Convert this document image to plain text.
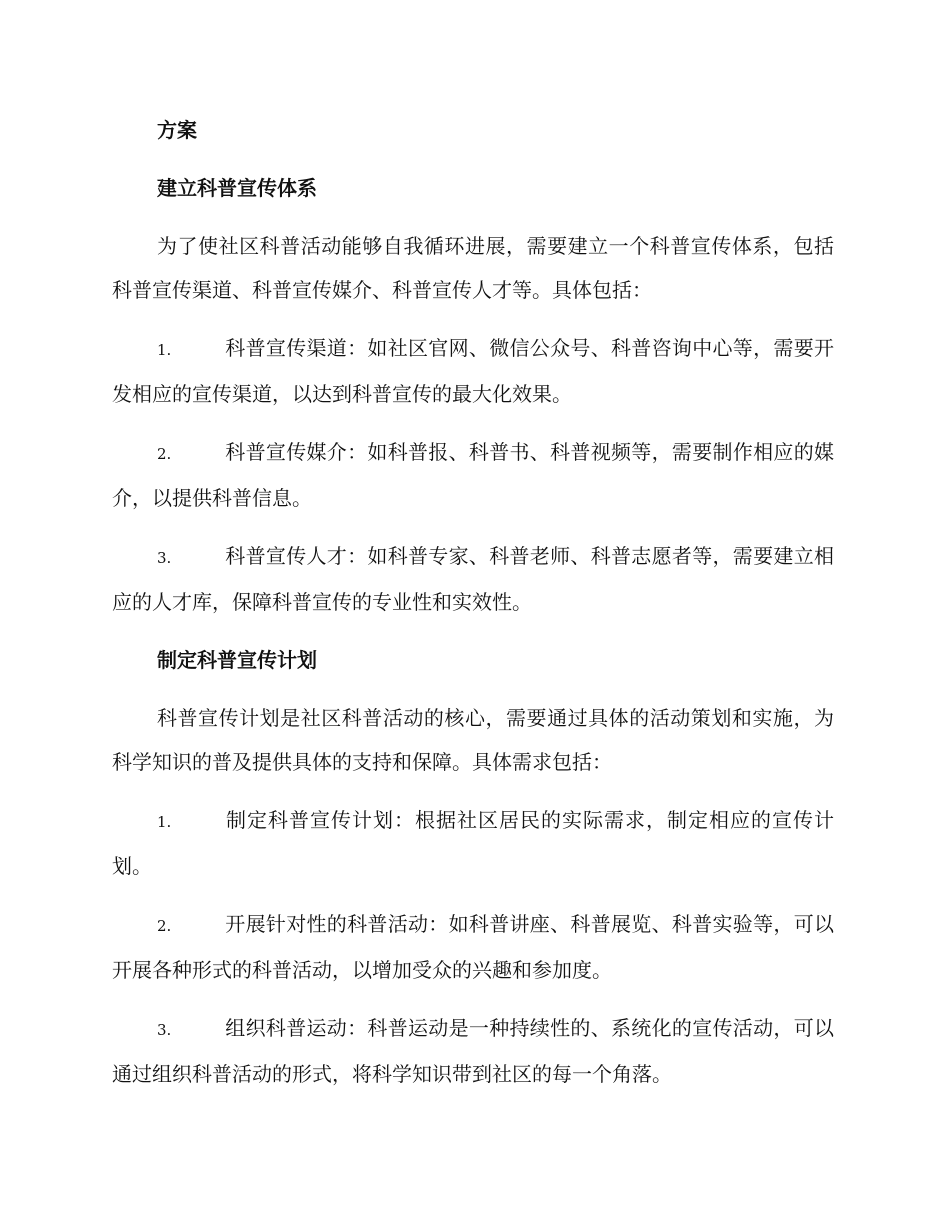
方案
建立科普宣传体系
为了使社区科普活动能够自我循环进展，需要建立一个科普宣传体系，包括科普宣传渠道、科普宣传媒介、科普宣传人才等。具体包括：
1.	科普宣传渠道：如社区官网、微信公众号、科普咨询中心等，需要开发相应的宣传渠道，以达到科普宣传的最大化效果。
2.	科普宣传媒介：如科普报、科普书、科普视频等，需要制作相应的媒介，以提供科普信息。
3.	科普宣传人才：如科普专家、科普老师、科普志愿者等，需要建立相应的人才库，保障科普宣传的专业性和实效性。
制定科普宣传计划
科普宣传计划是社区科普活动的核心，需要通过具体的活动策划和实施，为科学知识的普及提供具体的支持和保障。具体需求包括：
1.	制定科普宣传计划：根据社区居民的实际需求，制定相应的宣传计划。
2.	开展针对性的科普活动：如科普讲座、科普展览、科普实验等，可以开展各种形式的科普活动，以增加受众的兴趣和参加度。
3.	组织科普运动：科普运动是一种持续性的、系统化的宣传活动，可以通过组织科普活动的形式，将科学知识带到社区的每一个角落。
